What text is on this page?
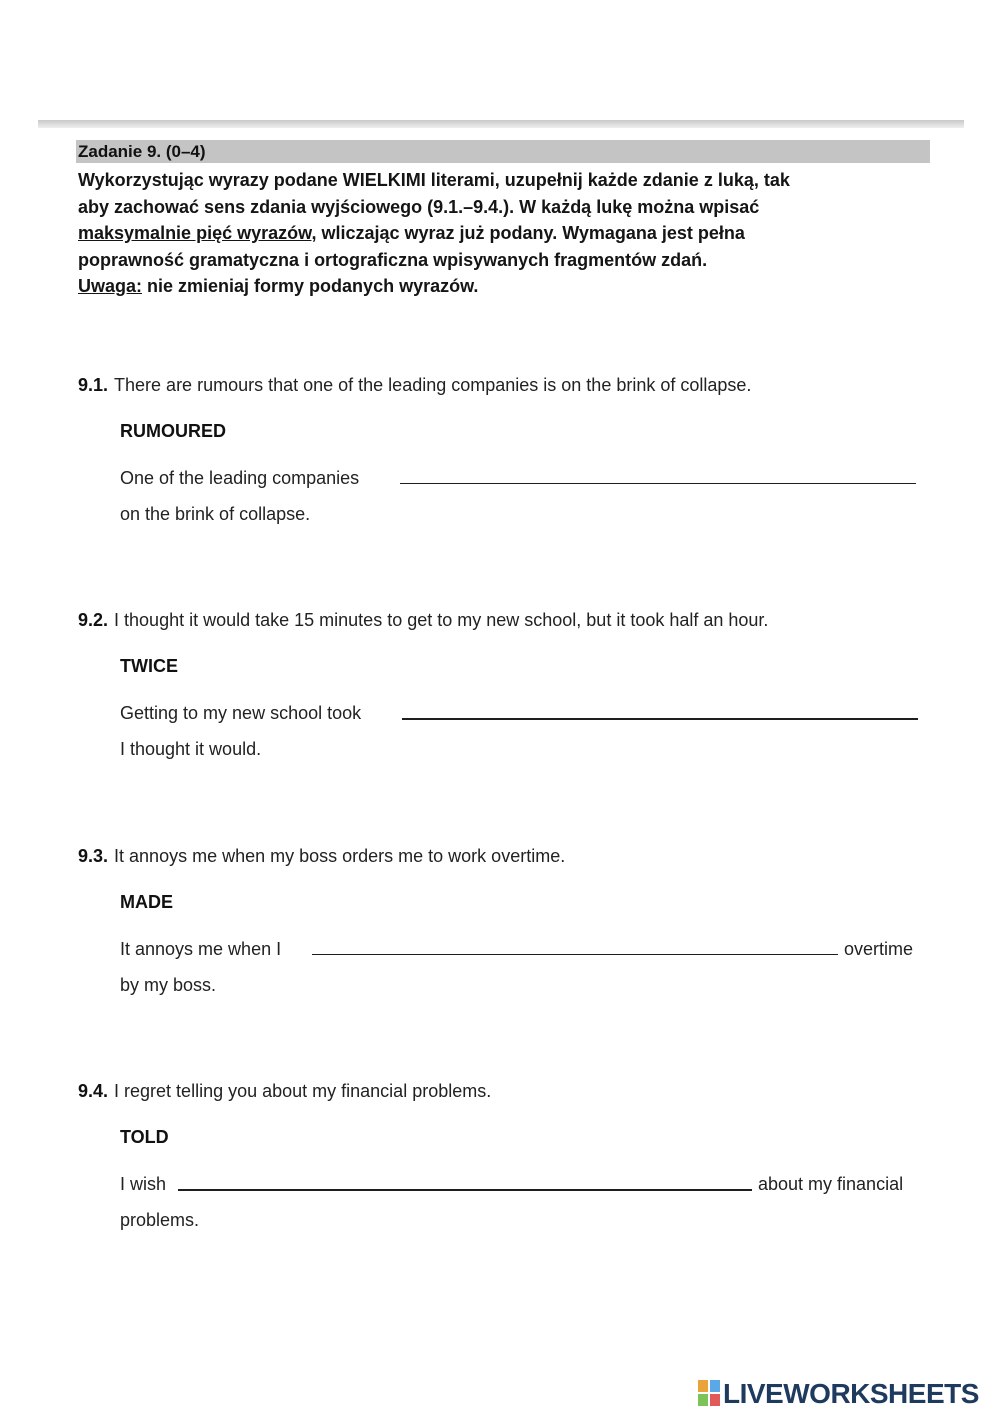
Zadanie 9. (0–4)

Wykorzystując wyrazy podane WIELKIMI literami, uzupełnij każde zdanie z luką, tak

aby zachować sens zdania wyjściowego (9.1.–9.4.). W każdą lukę można wpisać

maksymalnie pięć wyrazów, wliczając wyraz już podany. Wymagana jest pełna

poprawność gramatyczna i ortograficzna wpisywanych fragmentów zdań.

Uwaga: nie zmieniaj formy podanych wyrazów.

9.1. There are rumours that one of the leading companies is on the brink of collapse.
RUMOURED
One of the leading companies
on the brink of collapse.
9.2. I thought it would take 15 minutes to get to my new school, but it took half an hour.
TWICE
Getting to my new school took
I thought it would.
9.3. It annoys me when my boss orders me to work overtime.
MADE
It annoys me when I	overtime
by my boss.
9.4. I regret telling you about my financial problems.
TOLD
I wish	about my financial
problems.
LIVEWORKSHEETS
